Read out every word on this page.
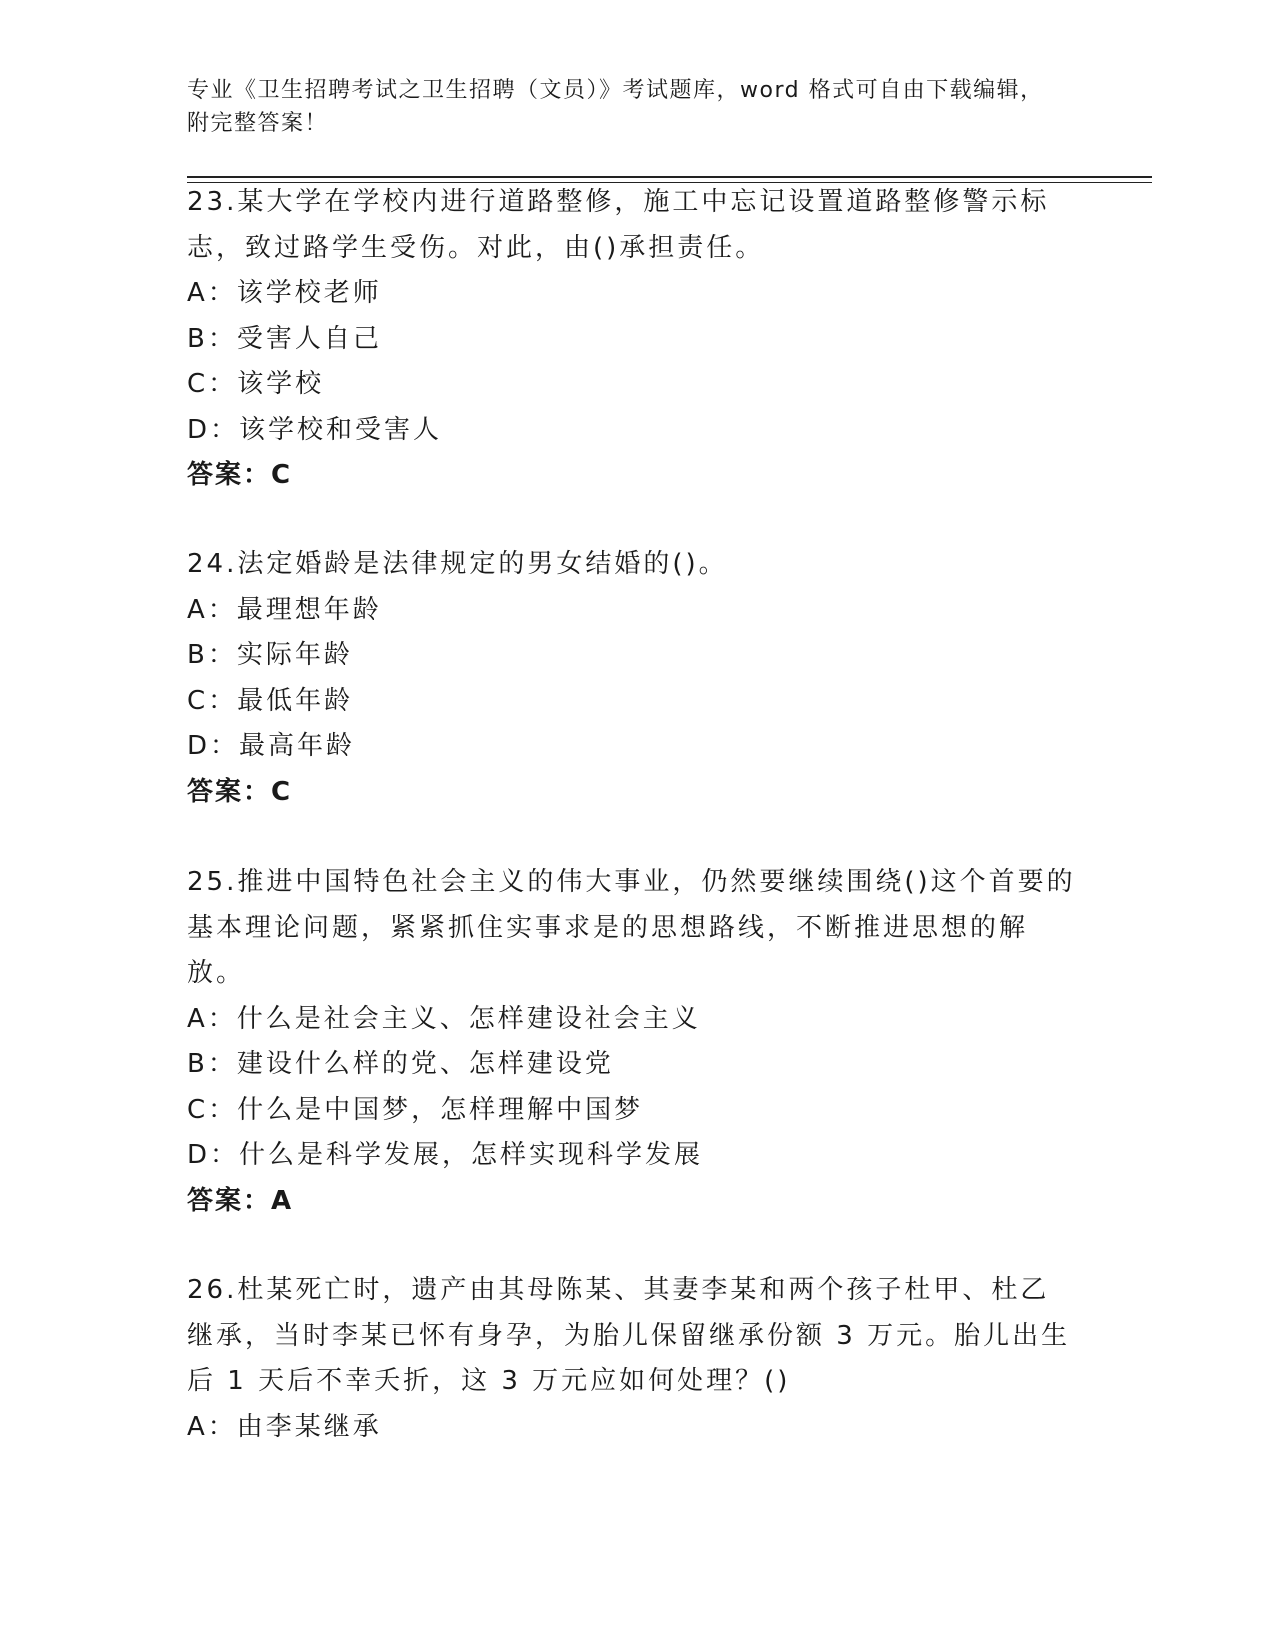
专业《卫生招聘考试之卫生招聘（文员）》考试题库，word 格式可自由下载编辑，附完整答案！
23.某大学在学校内进行道路整修，施工中忘记设置道路整修警示标志，致过路学生受伤。对此，由()承担责任。
A：该学校老师
B：受害人自己
C：该学校
D：该学校和受害人
答案：C
24.法定婚龄是法律规定的男女结婚的()。
A：最理想年龄
B：实际年龄
C：最低年龄
D：最高年龄
答案：C
25.推进中国特色社会主义的伟大事业，仍然要继续围绕()这个首要的基本理论问题，紧紧抓住实事求是的思想路线，不断推进思想的解放。
A：什么是社会主义、怎样建设社会主义
B：建设什么样的党、怎样建设党
C：什么是中国梦，怎样理解中国梦
D：什么是科学发展，怎样实现科学发展
答案：A
26.杜某死亡时，遗产由其母陈某、其妻李某和两个孩子杜甲、杜乙继承，当时李某已怀有身孕，为胎儿保留继承份额 3 万元。胎儿出生后 1 天后不幸夭折，这 3 万元应如何处理？()
A：由李某继承
